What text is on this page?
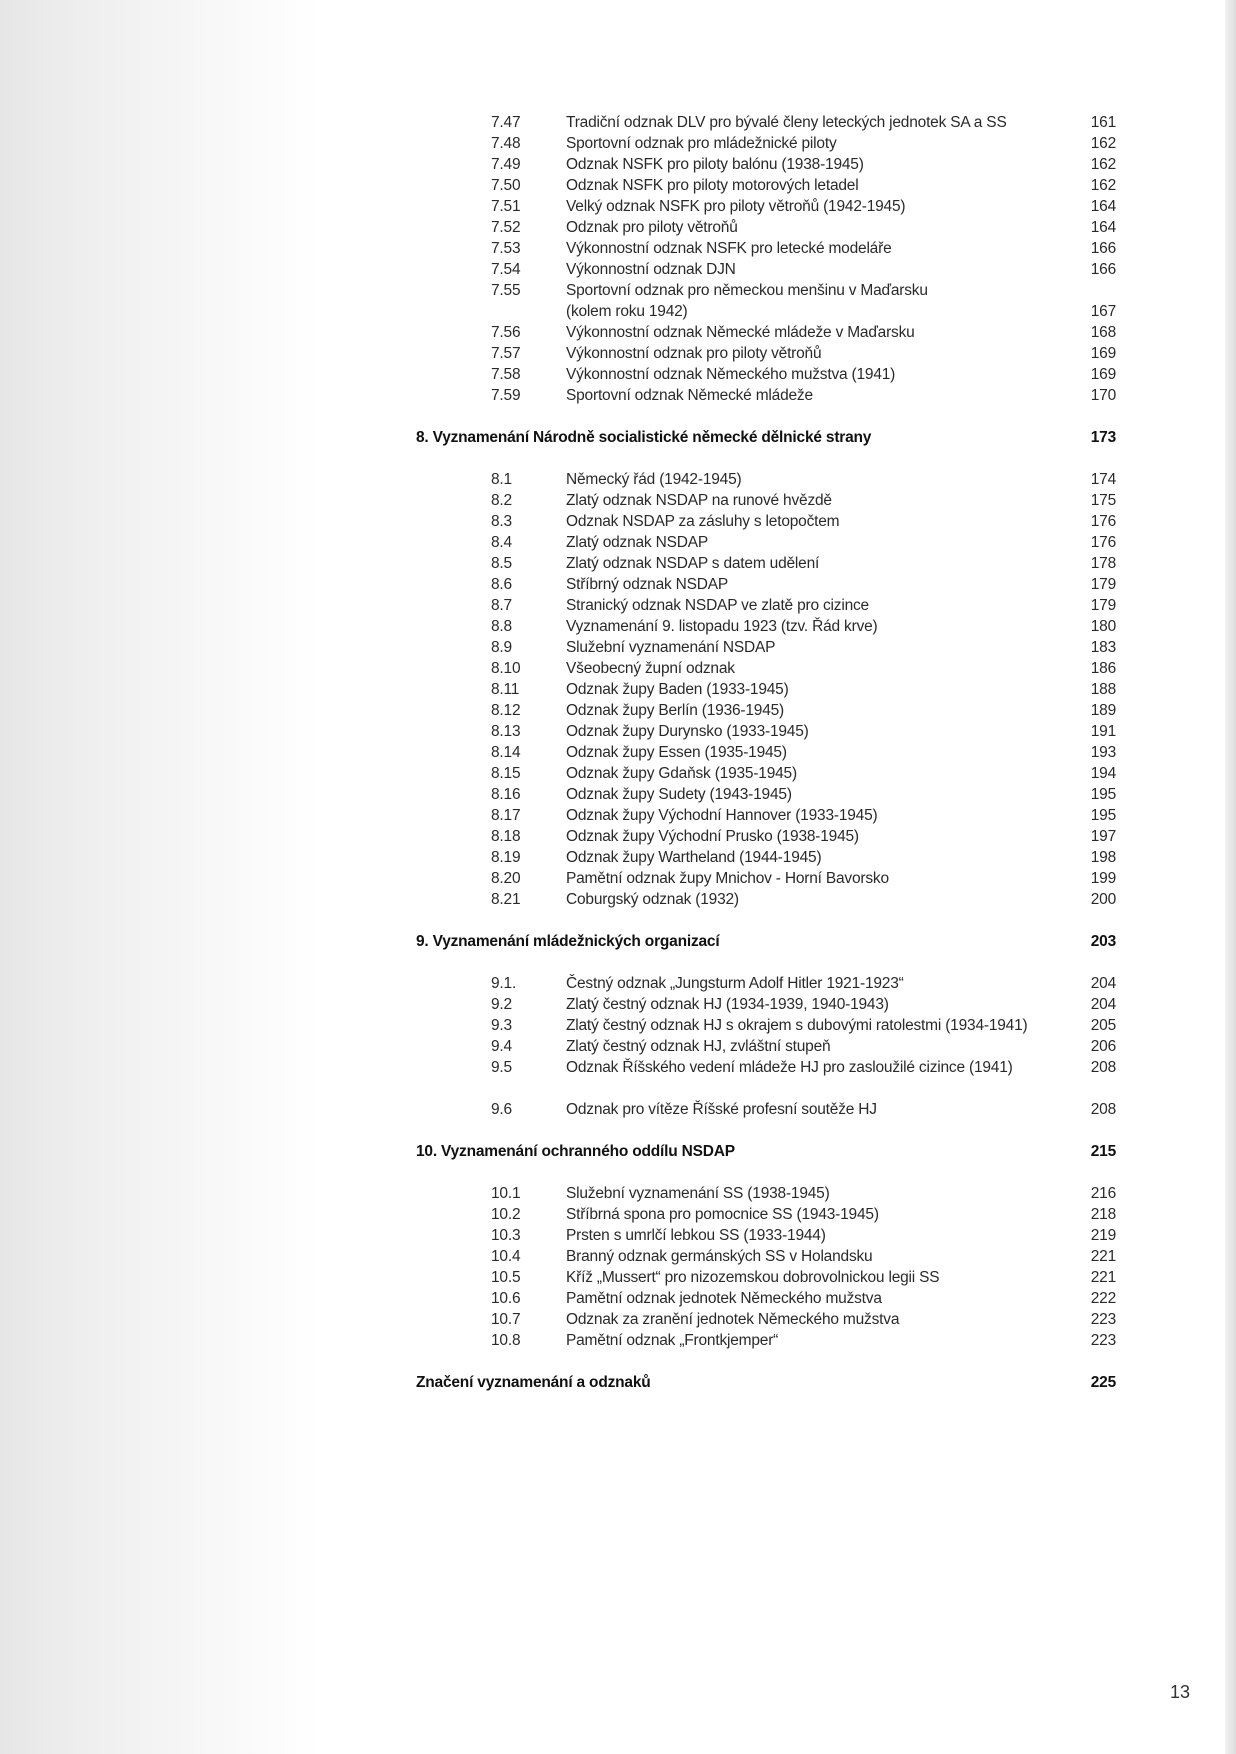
7.47	Tradiční odznak DLV pro bývalé členy leteckých jednotek SA a SS	161
7.48	Sportovní odznak pro mládežnické piloty	162
7.49	Odznak NSFK pro piloty balónu (1938-1945)	162
7.50	Odznak NSFK pro piloty motorových letadel	162
7.51	Velký odznak NSFK pro piloty větroňů (1942-1945)	164
7.52	Odznak pro piloty větroňů	164
7.53	Výkonnostní odznak NSFK pro letecké modeláře	166
7.54	Výkonnostní odznak DJN	166
7.55	Sportovní odznak pro německou menšinu v Maďarsku
(kolem roku 1942)	167
7.56	Výkonnostní odznak Německé mládeže v Maďarsku	168
7.57	Výkonnostní odznak pro piloty větroňů	169
7.58	Výkonnostní odznak Německého mužstva (1941)	169
7.59	Sportovní odznak Německé mládeže	170
8. Vyznamenání Národně socialistické německé dělnické strany	173
8.1	Německý řád (1942-1945)	174
8.2	Zlatý odznak NSDAP na runové hvězdě	175
8.3	Odznak NSDAP za zásluhy s letopočtem	176
8.4	Zlatý odznak NSDAP	176
8.5	Zlatý odznak NSDAP s datem udělení	178
8.6	Stříbrný odznak NSDAP	179
8.7	Stranický odznak NSDAP ve zlatě pro cizince	179
8.8	Vyznamenání 9. listopadu 1923 (tzv. Řád krve)	180
8.9	Služební vyznamenání NSDAP	183
8.10	Všeobecný župní odznak	186
8.11	Odznak župy Baden (1933-1945)	188
8.12	Odznak župy Berlín (1936-1945)	189
8.13	Odznak župy Durynsko (1933-1945)	191
8.14	Odznak župy Essen (1935-1945)	193
8.15	Odznak župy Gdaňsk (1935-1945)	194
8.16	Odznak župy Sudety (1943-1945)	195
8.17	Odznak župy Východní Hannover (1933-1945)	195
8.18	Odznak župy Východní Prusko (1938-1945)	197
8.19	Odznak župy Wartheland (1944-1945)	198
8.20	Pamětní odznak župy Mnichov - Horní Bavorsko	199
8.21	Coburgský odznak (1932)	200
9. Vyznamenání mládežnických organizací	203
9.1.	Čestný odznak „Jungsturm Adolf Hitler 1921-1923“	204
9.2	Zlatý čestný odznak HJ (1934-1939, 1940-1943)	204
9.3	Zlatý čestný odznak HJ s okrajem s dubovými ratolestmi (1934-1941)	205
9.4	Zlatý čestný odznak HJ, zvláštní stupeň	206
9.5	Odznak Říšského vedení mládeže HJ pro zasloužilé cizince (1941)	208
9.6	Odznak pro vítěze Říšské profesní soutěže HJ	208
10. Vyznamenání ochranného oddílu NSDAP	215
10.1	Služební vyznamenání SS (1938-1945)	216
10.2	Stříbrná spona pro pomocnice SS (1943-1945)	218
10.3	Prsten s umrlčí lebkou SS (1933-1944)	219
10.4	Branný odznak germánských SS v Holandsku	221
10.5	Kříž „Mussert“ pro nizozemskou dobrovolnickou legii SS	221
10.6	Pamětní odznak jednotek Německého mužstva	222
10.7	Odznak za zranění jednotek Německého mužstva	223
10.8	Pamětní odznak „Frontkjemper“	223
Značení vyznamenání a odznaků	225
13
